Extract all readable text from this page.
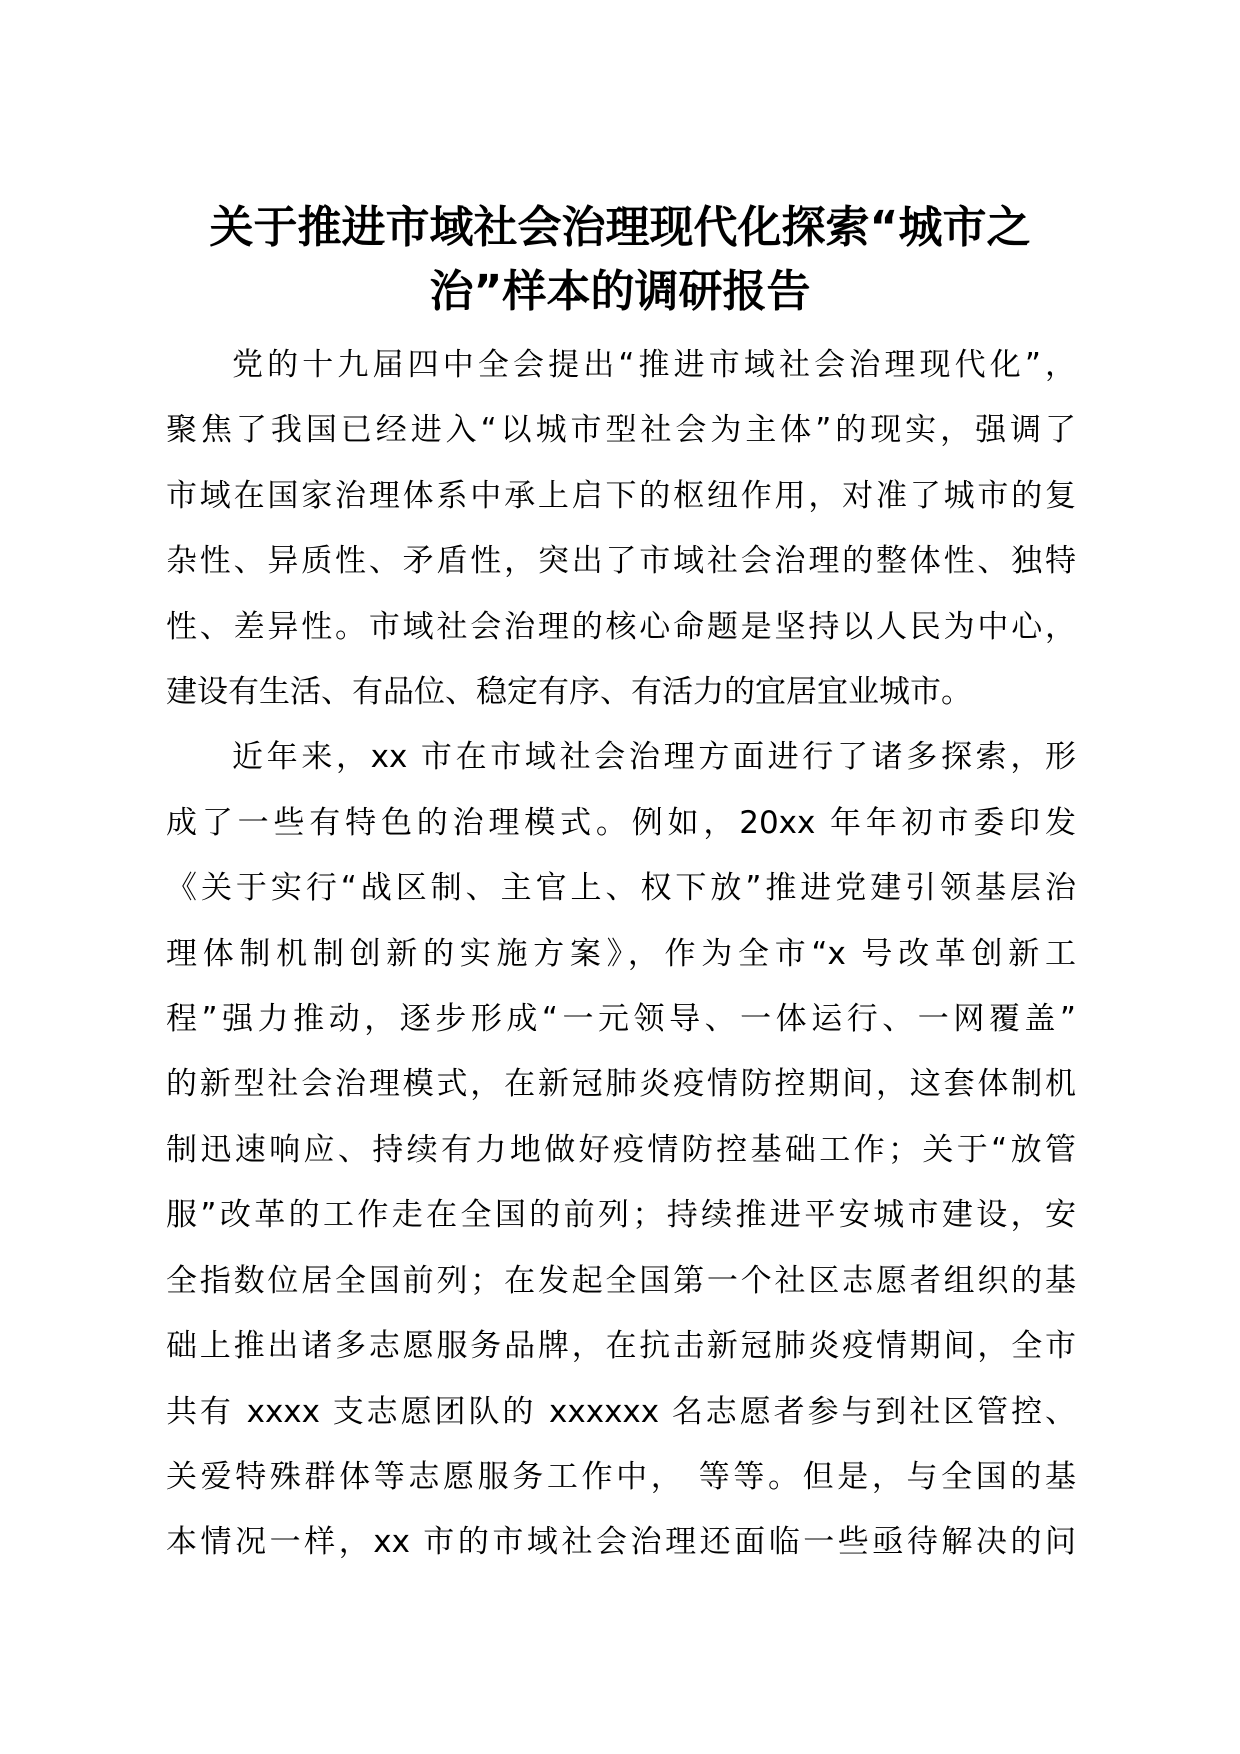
关于推进市域社会治理现代化探索“城市之
治”样本的调研报告
党的十九届四中全会提出“推进市域社会治理现代化”，
聚焦了我国已经进入“以城市型社会为主体”的现实，强调了
市域在国家治理体系中承上启下的枢纽作用，对准了城市的复
杂性、异质性、矛盾性，突出了市域社会治理的整体性、独特
性、差异性。市域社会治理的核心命题是坚持以人民为中心，
建设有生活、有品位、稳定有序、有活力的宜居宜业城市。
近年来，xx 市在市域社会治理方面进行了诸多探索，形
成了一些有特色的治理模式。例如，20xx 年年初市委印发
《关于实行“战区制、主官上、权下放”推进党建引领基层治
理体制机制创新的实施方案》，作为全市“x 号改革创新工
程”强力推动，逐步形成“一元领导、一体运行、一网覆盖”
的新型社会治理模式，在新冠肺炎疫情防控期间，这套体制机
制迅速响应、持续有力地做好疫情防控基础工作；关于“放管
服”改革的工作走在全国的前列；持续推进平安城市建设，安
全指数位居全国前列；在发起全国第一个社区志愿者组织的基
础上推出诸多志愿服务品牌，在抗击新冠肺炎疫情期间，全市
共有 xxxx 支志愿团队的 xxxxxx 名志愿者参与到社区管控、
关爱特殊群体等志愿服务工作中， 等等。但是，与全国的基
本情况一样，xx 市的市域社会治理还面临一些亟待解决的问
